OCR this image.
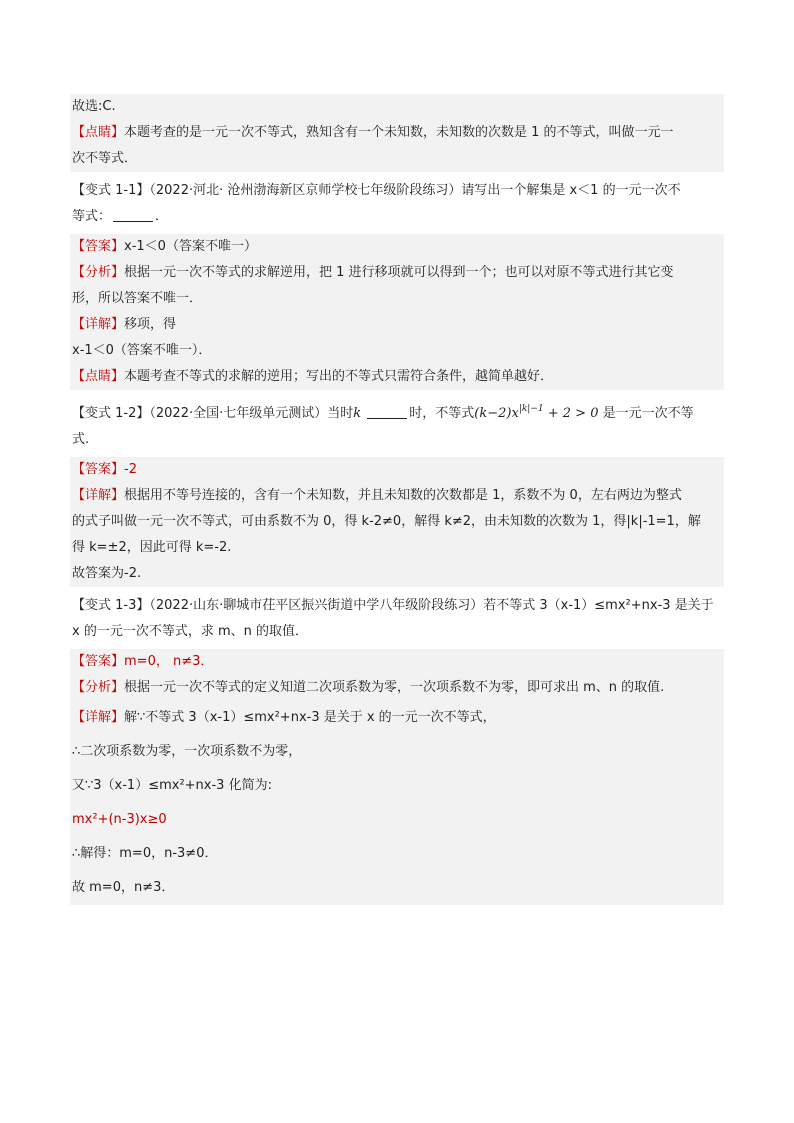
故选:C.
【点睛】本题考查的是一元一次不等式，熟知含有一个未知数，未知数的次数是 1 的不等式，叫做一元一
次不等式．
【变式 1-1】（2022·河北· 沧州渤海新区京师学校七年级阶段练习）请写出一个解集是 x＜1 的一元一次不
等式：	．
【答案】x-1＜0（答案不唯一）
【分析】根据一元一次不等式的求解逆用，把 1 进行移项就可以得到一个；也可以对原不等式进行其它变
形，所以答案不唯一．
【详解】移项，得
x-1＜0（答案不唯一）．
【点睛】本题考查不等式的求解的逆用；写出的不等式只需符合条件，越简单越好．
【变式 1-2】（2022·全国·七年级单元测试）当时k	时，不等式$(k-2)x^{|k|-1} + 2 > 0$ 是一元一次不等
式.
【答案】-2
【详解】根据用不等号连接的，含有一个未知数，并且未知数的次数都是 1，系数不为 0，左右两边为整式
的式子叫做一元一次不等式，可由系数不为 0，得 k-2≠0，解得 k≠2，由未知数的次数为 1，得|k|-1=1，解
得 k=±2，因此可得 k=-2.
故答案为-2.
【变式 1-3】（2022·山东·聊城市茌平区振兴街道中学八年级阶段练习）若不等式 3（x-1）≤mx²+nx-3 是关于
x 的一元一次不等式，求 m、n 的取值．
【答案】m=0， n≠3．
【分析】根据一元一次不等式的定义知道二次项系数为零，一次项系数不为零，即可求出 m、n 的取值.
【详解】解∵不等式 3（x-1）≤mx²+nx-3 是关于 x 的一元一次不等式，
∴二次项系数为零，一次项系数不为零，
又∵3（x-1）≤mx²+nx-3 化简为:
mx²+(n-3)x≥0
∴解得：m=0，n-3≠0．
故 m=0，n≠3．
